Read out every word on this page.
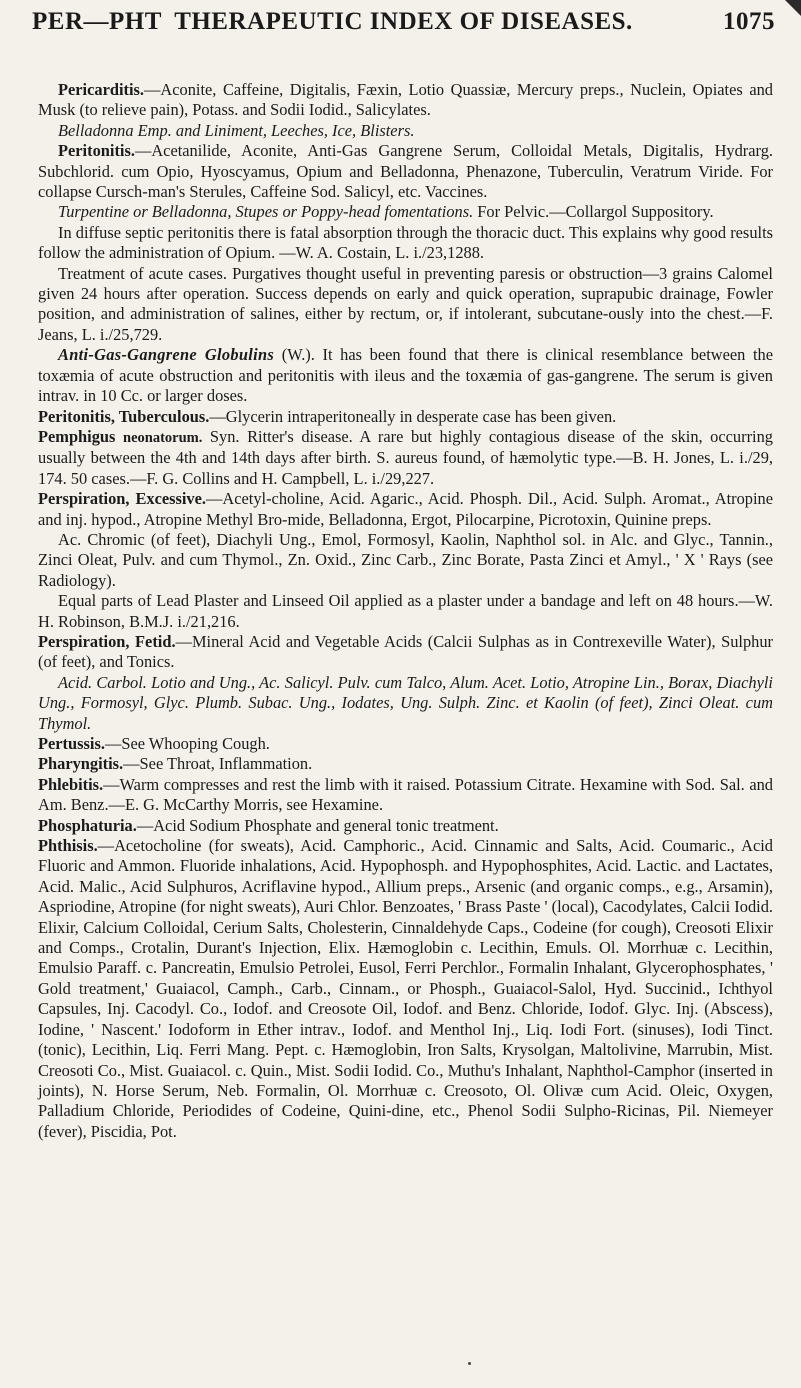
PER—PHT THERAPEUTIC INDEX OF DISEASES.	1075

Pericarditis.—Aconite, Caffeine, Digitalis, Fæxin, Lotio Quassiæ, Mercury preps., Nuclein, Opiates and Musk (to relieve pain), Potass. and Sodii Iodid., Salicylates.

Belladonna Emp. and Liniment, Leeches, Ice, Blisters.

Peritonitis.—Acetanilide, Aconite, Anti-Gas Gangrene Serum, Colloidal Metals, Digitalis, Hydrarg. Subchlorid. cum Opio, Hyoscyamus, Opium and Belladonna, Phenazone, Tuberculin, Veratrum Viride. For collapse Cursch-man's Sterules, Caffeine Sod. Salicyl, etc. Vaccines.

Turpentine or Belladonna, Stupes or Poppy-head fomentations. For Pelvic.—Collargol Suppository.

In diffuse septic peritonitis there is fatal absorption through the thoracic duct. This explains why good results follow the administration of Opium. —W. A. Costain, L. i./23,1288.

Treatment of acute cases. Purgatives thought useful in preventing paresis or obstruction—3 grains Calomel given 24 hours after operation. Success depends on early and quick operation, suprapubic drainage, Fowler position, and administration of salines, either by rectum, or, if intolerant, subcutane-ously into the chest.—F. Jeans, L. i./25,729.

Anti-Gas-Gangrene Globulins (W.). It has been found that there is clinical resemblance between the toxæmia of acute obstruction and peritonitis with ileus and the toxæmia of gas-gangrene. The serum is given intrav. in 10 Cc. or larger doses.

Peritonitis, Tuberculous.—Glycerin intraperitoneally in desperate case has been given.

Pemphigus neonatorum. Syn. Ritter's disease. A rare but highly contagious disease of the skin, occurring usually between the 4th and 14th days after birth. S. aureus found, of hæmolytic type.—B. H. Jones, L. i./29, 174. 50 cases.—F. G. Collins and H. Campbell, L. i./29,227.

Perspiration, Excessive.—Acetyl-choline, Acid. Agaric., Acid. Phosph. Dil., Acid. Sulph. Aromat., Atropine and inj. hypod., Atropine Methyl Bro-mide, Belladonna, Ergot, Pilocarpine, Picrotoxin, Quinine preps.

Ac. Chromic (of feet), Diachyli Ung., Emol, Formosyl, Kaolin, Naphthol sol. in Alc. and Glyc., Tannin., Zinci Oleat, Pulv. and cum Thymol., Zn. Oxid., Zinc Carb., Zinc Borate, Pasta Zinci et Amyl., ' X ' Rays (see Radiology).

Equal parts of Lead Plaster and Linseed Oil applied as a plaster under a bandage and left on 48 hours.—W. H. Robinson, B.M.J. i./21,216.

Perspiration, Fetid.—Mineral Acid and Vegetable Acids (Calcii Sulphas as in Contrexeville Water), Sulphur (of feet), and Tonics.

Acid. Carbol. Lotio and Ung., Ac. Salicyl. Pulv. cum Talco, Alum. Acet. Lotio, Atropine Lin., Borax, Diachyli Ung., Formosyl, Glyc. Plumb. Subac. Ung., Iodates, Ung. Sulph. Zinc. et Kaolin (of feet), Zinci Oleat. cum Thymol.

Pertussis.—See Whooping Cough.

Pharyngitis.—See Throat, Inflammation.

Phlebitis.—Warm compresses and rest the limb with it raised. Potassium Citrate. Hexamine with Sod. Sal. and Am. Benz.—E. G. McCarthy Morris, see Hexamine.

Phosphaturia.—Acid Sodium Phosphate and general tonic treatment.

Phthisis.—Acetocholine (for sweats), Acid. Camphoric., Acid. Cinnamic and Salts, Acid. Coumaric., Acid Fluoric and Ammon. Fluoride inhalations, Acid. Hypophosph. and Hypophosphites, Acid. Lactic. and Lactates, Acid. Malic., Acid Sulphuros, Acriflavine hypod., Allium preps., Arsenic (and organic comps., e.g., Arsamin), Aspriodine, Atropine (for night sweats), Auri Chlor. Benzoates, ' Brass Paste ' (local), Cacodylates, Calcii Iodid. Elixir, Calcium Colloidal, Cerium Salts, Cholesterin, Cinnaldehyde Caps., Codeine (for cough), Creosoti Elixir and Comps., Crotalin, Durant's Injection, Elix. Hæmoglobin c. Lecithin, Emuls. Ol. Morrhuæ c. Lecithin, Emulsio Paraff. c. Pancreatin, Emulsio Petrolei, Eusol, Ferri Perchlor., Formalin Inhalant, Glycerophosphates, ' Gold treatment,' Guaiacol, Camph., Carb., Cinnam., or Phosph., Guaiacol-Salol, Hyd. Succinid., Ichthyol Capsules, Inj. Cacodyl. Co., Iodof. and Creosote Oil, Iodof. and Benz. Chloride, Iodof. Glyc. Inj. (Abscess), Iodine, ' Nascent.' Iodoform in Ether intrav., Iodof. and Menthol Inj., Liq. Iodi Fort. (sinuses), Iodi Tinct. (tonic), Lecithin, Liq. Ferri Mang. Pept. c. Hæmoglobin, Iron Salts, Krysolgan, Maltolivine, Marrubin, Mist. Creosoti Co., Mist. Guaiacol. c. Quin., Mist. Sodii Iodid. Co., Muthu's Inhalant, Naphthol-Camphor (inserted in joints), N. Horse Serum, Neb. Formalin, Ol. Morrhuæ c. Creosoto, Ol. Olivæ cum Acid. Oleic, Oxygen, Palladium Chloride, Periodides of Codeine, Quini-dine, etc., Phenol Sodii Sulpho-Ricinas, Pil. Niemeyer (fever), Piscidia, Pot.
